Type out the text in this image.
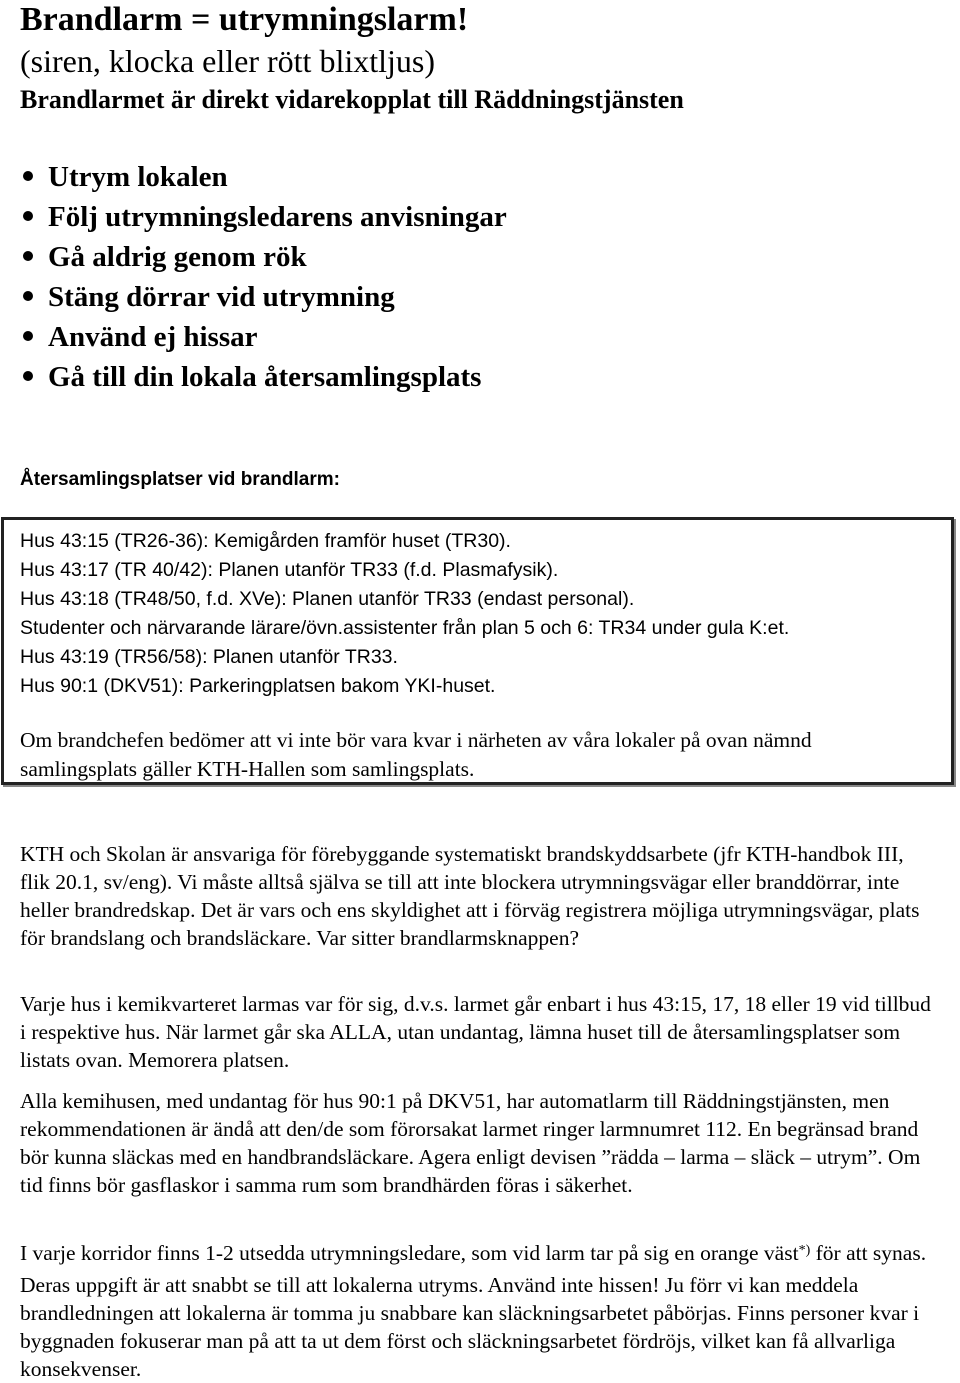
Brandlarm = utrymningslarm!
(siren, klocka eller rött blixtljus)
Brandlarmet är direkt vidarekopplat till Räddningstjänsten
Utrym lokalen
Följ utrymningsledarens anvisningar
Gå aldrig genom rök
Stäng dörrar vid utrymning
Använd ej hissar
Gå till din lokala återsamlingsplats
Återsamlingsplatser vid brandlarm:
Hus 43:15 (TR26-36): Kemigården framför huset (TR30).
Hus 43:17 (TR 40/42): Planen utanför TR33 (f.d. Plasmafysik).
Hus 43:18 (TR48/50, f.d. XVe): Planen utanför TR33 (endast personal).
Studenter och närvarande lärare/övn.assistenter från plan 5 och 6: TR34 under gula K:et.
Hus 43:19 (TR56/58): Planen utanför TR33.
Hus 90:1 (DKV51): Parkeringplatsen bakom YKI-huset.
Om brandchefen bedömer att vi inte bör vara kvar i närheten av våra lokaler på ovan nämnd samlingsplats gäller KTH-Hallen som samlingsplats.
KTH och Skolan är ansvariga för förebyggande systematiskt brandskyddsarbete (jfr KTH-handbok III, flik 20.1, sv/eng). Vi måste alltså själva se till att inte blockera utrymningsvägar eller branddörrar, inte heller brandredskap. Det är vars och ens skyldighet att i förväg registrera möjliga utrymningsvägar, plats för brandslang och brandsläckare. Var sitter brandlarmsknappen?
Varje hus i kemikvarteret larmas var för sig, d.v.s. larmet går enbart i hus 43:15, 17, 18 eller 19 vid tillbud i respektive hus. När larmet går ska ALLA, utan undantag, lämna huset till de återsamlingsplatser som listats ovan. Memorera platsen.
Alla kemihusen, med undantag för hus 90:1 på DKV51, har automatlarm till Räddningstjänsten, men rekommendationen är ändå att den/de som förorsakat larmet ringer larmnumret 112. En begränsad brand bör kunna släckas med en handbrandsläckare. Agera enligt devisen ”rädda – larma – släck – utrym”. Om tid finns bör gasflaskor i samma rum som brandhärden föras i säkerhet.
I varje korridor finns 1-2 utsedda utrymningsledare, som vid larm tar på sig en orange väst*) för att synas. Deras uppgift är att snabbt se till att lokalerna utryms. Använd inte hissen! Ju förr vi kan meddela brandledningen att lokalerna är tomma ju snabbare kan släckningsarbetet påbörjas. Finns personer kvar i byggnaden fokuserar man på att ta ut dem först och släckningsarbetet fördröjs, vilket kan få allvarliga konsekvenser.
